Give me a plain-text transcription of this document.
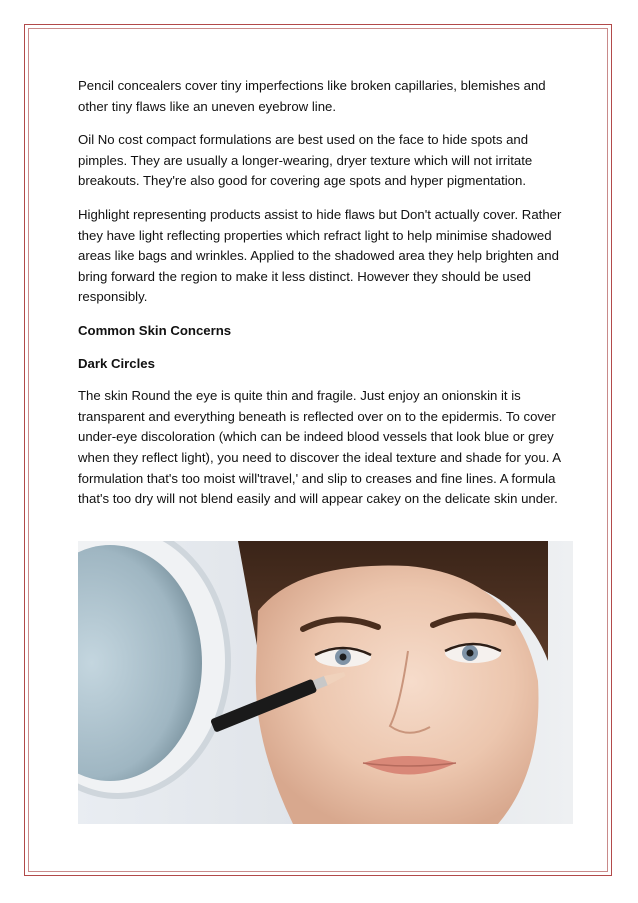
Pencil concealers cover tiny imperfections like broken capillaries, blemishes and other tiny flaws like an uneven eyebrow line.

Oil No cost compact formulations are best used on the face to hide spots and pimples. They are usually a longer-wearing, dryer texture which will not irritate breakouts. They're also good for covering age spots and hyper pigmentation.

Highlight representing products assist to hide flaws but Don't actually cover. Rather they have light reflecting properties which refract light to help minimise shadowed areas like bags and wrinkles. Applied to the shadowed area they help brighten and bring forward the region to make it less distinct. However they should be used responsibly.

Common Skin Concerns

Dark Circles

The skin Round the eye is quite thin and fragile. Just enjoy an onionskin it is transparent and everything beneath is reflected over on to the epidermis. To cover under-eye discoloration (which can be indeed blood vessels that look blue or grey when they reflect light), you need to discover the ideal texture and shade for you. A formulation that's too moist will'travel,' and slip to creases and fine lines. A formula that's too dry will not blend easily and will appear cakey on the delicate skin under.
